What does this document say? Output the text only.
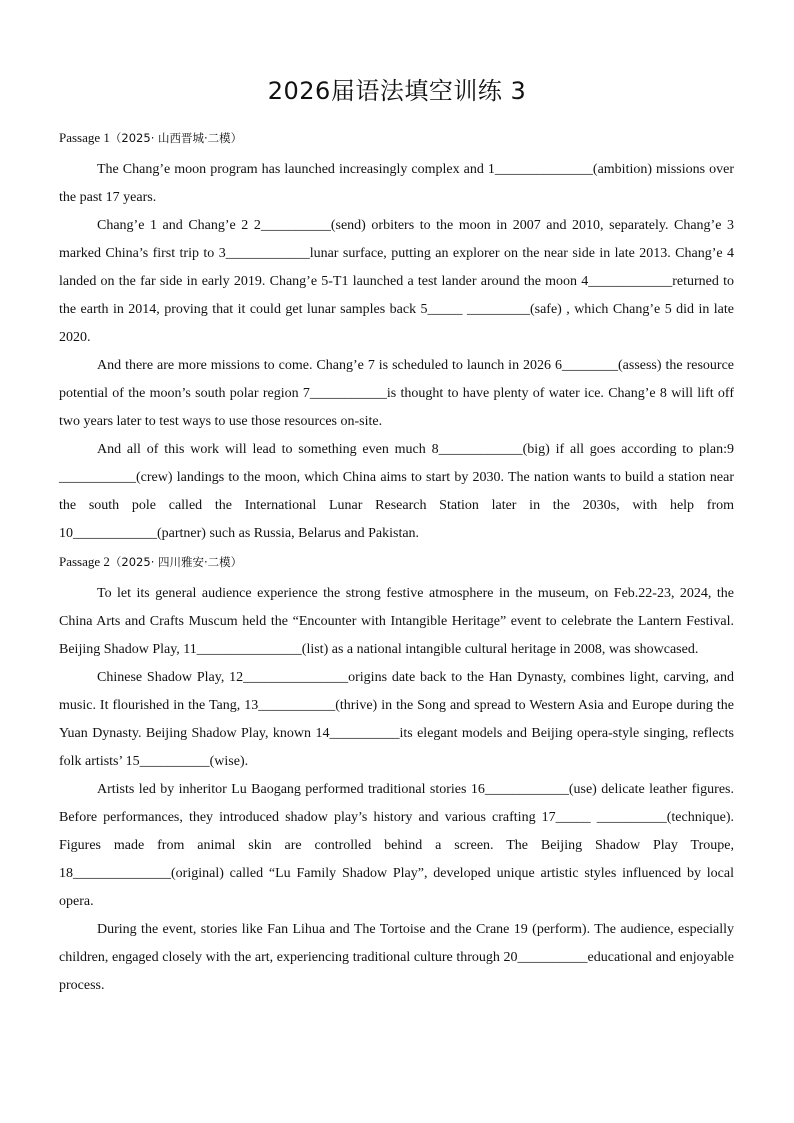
2026届语法填空训练 3
Passage 1（2025· 山西晋城·二模）

The Chang’e moon program has launched increasingly complex and 1______________(ambition) missions over the past 17 years.

Chang’e 1 and Chang’e 2 2__________(send) orbiters to the moon in 2007 and 2010, separately. Chang’e 3 marked China’s first trip to 3____________lunar surface, putting an explorer on the near side in late 2013. Chang’e 4 landed on the far side in early 2019. Chang’e 5-T1 launched a test lander around the moon 4____________returned to the earth in 2014, proving that it could get lunar samples back 5_____ _________(safe) , which Chang’e 5 did in late 2020.

And there are more missions to come. Chang’e 7 is scheduled to launch in 2026 6________(assess) the resource potential of the moon’s south polar region 7___________is thought to have plenty of water ice. Chang’e 8 will lift off two years later to test ways to use those resources on-site.

And all of this work will lead to something even much 8____________(big) if all goes according to plan:9 ___________(crew) landings to the moon, which China aims to start by 2030. The nation wants to build a station near the south pole called the International Lunar Research Station later in the 2030s, with help from 10____________(partner) such as Russia, Belarus and Pakistan.

Passage 2（2025· 四川雅安·二模）

To let its general audience experience the strong festive atmosphere in the museum, on Feb.22-23, 2024, the China Arts and Crafts Muscum held the “Encounter with Intangible Heritage” event to celebrate the Lantern Festival. Beijing Shadow Play, 11_______________(list) as a national intangible cultural heritage in 2008, was showcased.

Chinese Shadow Play, 12_______________origins date back to the Han Dynasty, combines light, carving, and music. It flourished in the Tang, 13___________(thrive) in the Song and spread to Western Asia and Europe during the Yuan Dynasty. Beijing Shadow Play, known 14__________its elegant models and Beijing opera-style singing, reflects folk artists’ 15__________(wise).

Artists led by inheritor Lu Baogang performed traditional stories 16____________(use) delicate leather figures. Before performances, they introduced shadow play’s history and various crafting 17_____ __________(technique). Figures made from animal skin are controlled behind a screen. The Beijing Shadow Play Troupe, 18______________(original) called “Lu Family Shadow Play”, developed unique artistic styles influenced by local opera.

During the event, stories like Fan Lihua and The Tortoise and the Crane 19 (perform). The audience, especially children, engaged closely with the art, experiencing traditional culture through 20__________educational and enjoyable process.
